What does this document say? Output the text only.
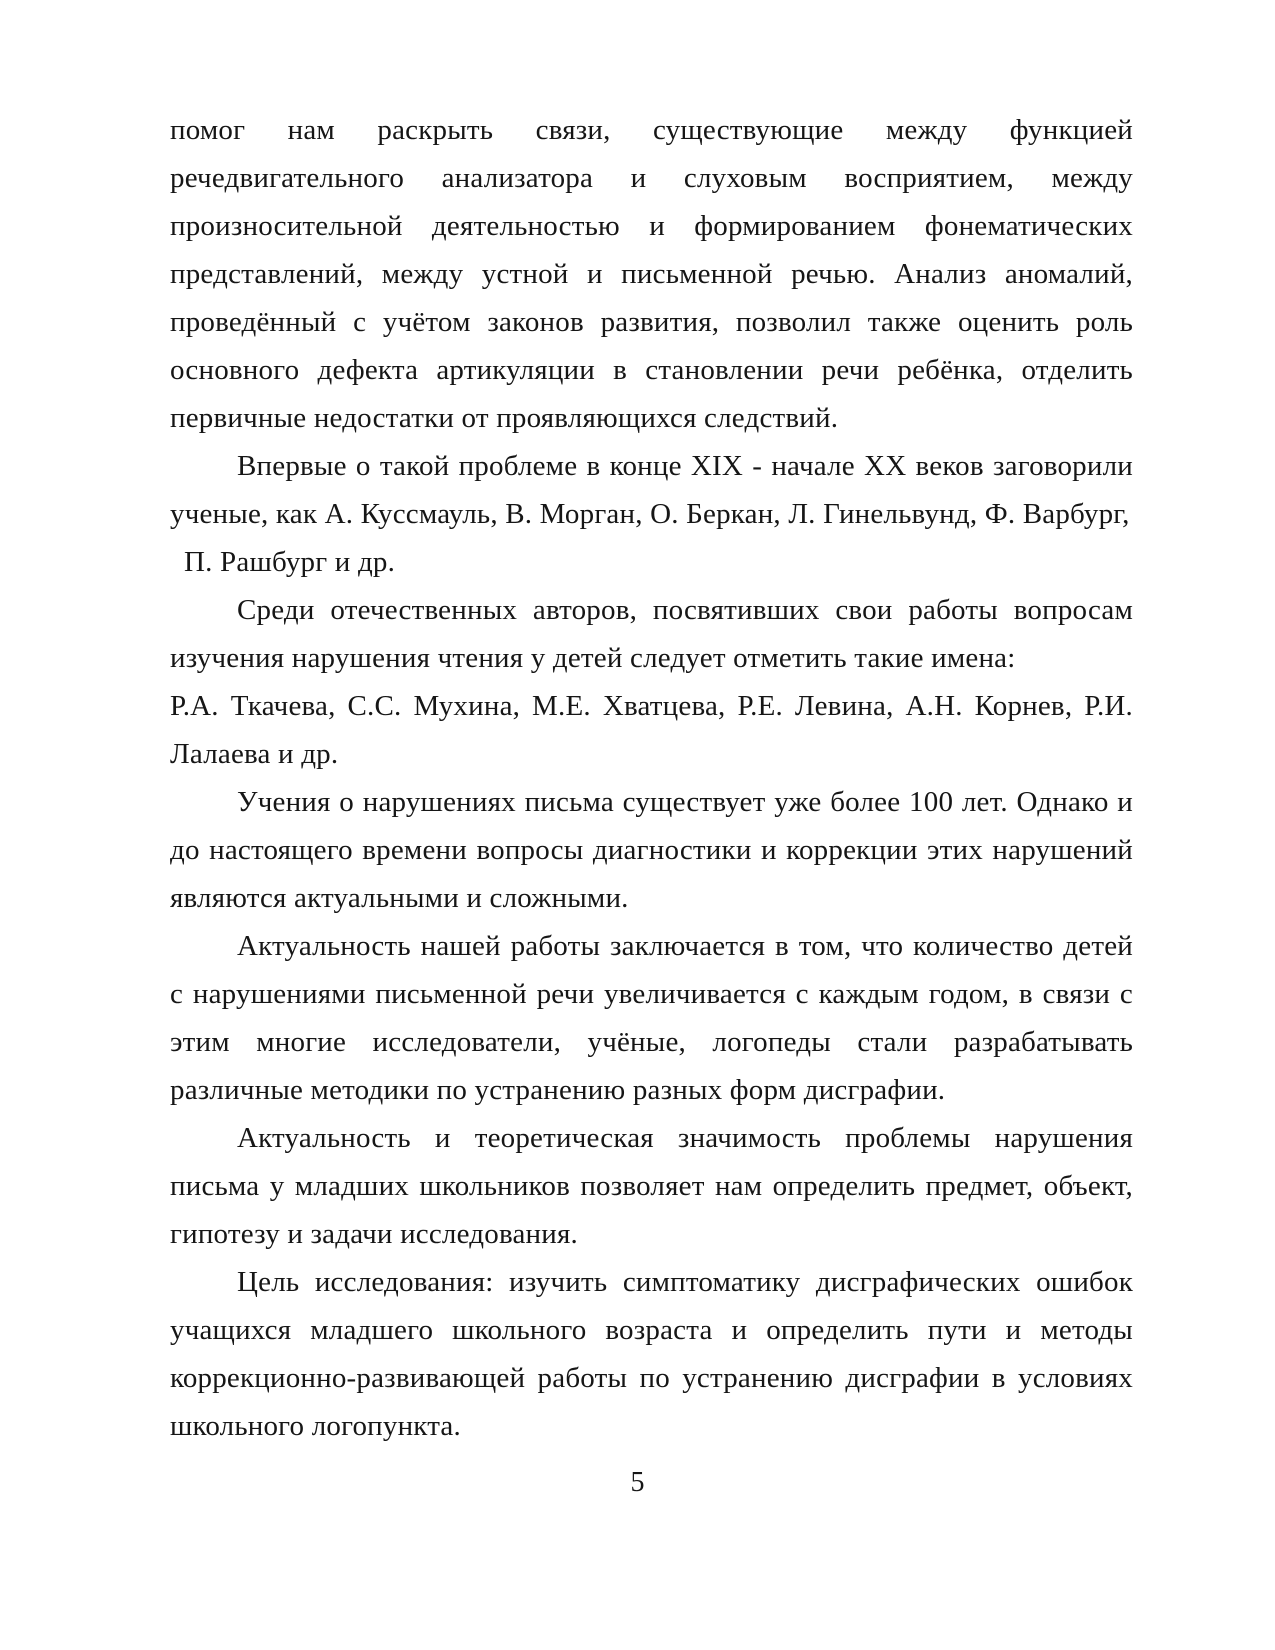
помог нам раскрыть связи, существующие между функцией речедвигательного анализатора и слуховым восприятием, между произносительной деятельностью и формированием фонематических представлений, между устной и письменной речью. Анализ аномалий, проведённый с учётом законов развития, позволил также оценить роль основного дефекта артикуляции в становлении речи ребёнка, отделить первичные недостатки от проявляющихся следствий.

Впервые о такой проблеме в конце XIX - начале XX веков заговорили ученые, как А. Куссмауль, В. Морган, О. Беркан, Л. Гинельвунд, Ф. Варбург,

П. Рашбург и др.

Среди отечественных авторов, посвятивших свои работы вопросам изучения нарушения чтения у детей следует отметить такие имена:

Р.А. Ткачева, С.С. Мухина, М.Е. Хватцева, Р.Е. Левина, А.Н. Корнев, Р.И. Лалаева и др.

Учения о нарушениях письма существует уже более 100 лет. Однако и до настоящего времени вопросы диагностики и коррекции этих нарушений являются актуальными и сложными.

Актуальность нашей работы заключается в том, что количество детей с нарушениями письменной речи увеличивается с каждым годом, в связи с этим многие исследователи, учёные, логопеды стали разрабатывать различные методики по устранению разных форм дисграфии.

Актуальность и теоретическая значимость проблемы нарушения письма у младших школьников позволяет нам определить предмет, объект, гипотезу и задачи исследования.

Цель исследования: изучить симптоматику дисграфических ошибок учащихся младшего школьного возраста и определить пути и методы коррекционно-развивающей работы по устранению дисграфии в условиях школьного логопункта.

5
